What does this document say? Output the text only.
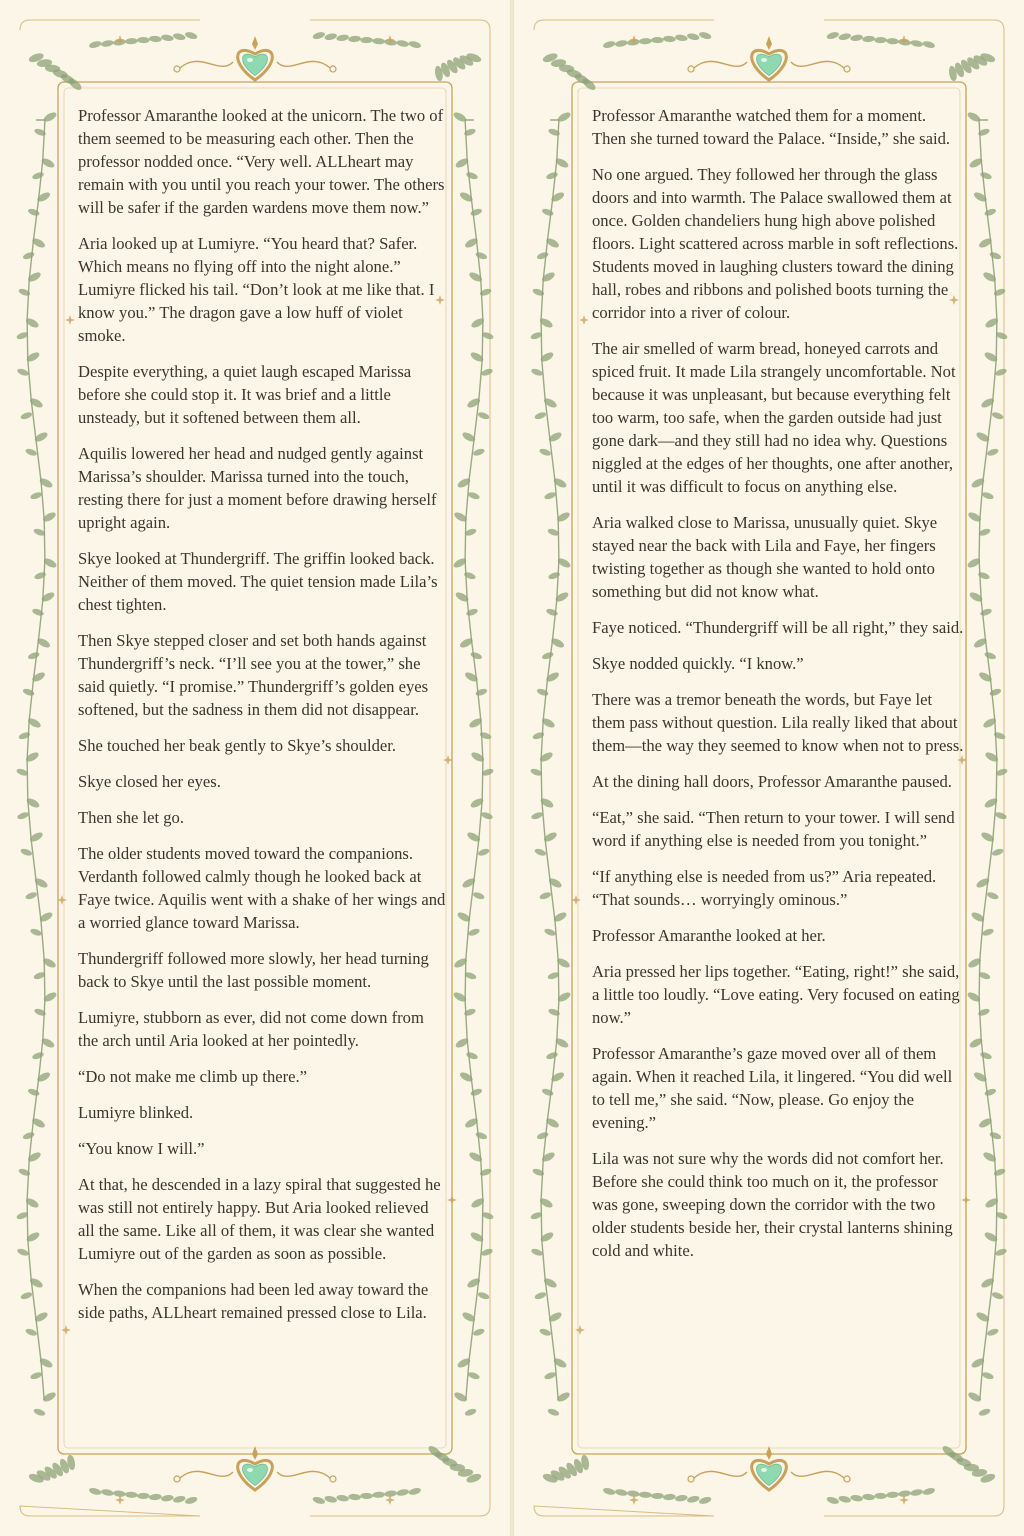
Professor Amaranthe looked at the unicorn. The two of them seemed to be measuring each other. Then the professor nodded once. “Very well. ALLheart may remain with you until you reach your tower. The others will be safer if the garden wardens move them now.”

Aria looked up at Lumiyre. “You heard that? Safer. Which means no flying off into the night alone.” Lumiyre flicked his tail. “Don’t look at me like that. I know you.” The dragon gave a low huff of violet smoke.

Despite everything, a quiet laugh escaped Marissa before she could stop it. It was brief and a little unsteady, but it softened between them all.

Aquilis lowered her head and nudged gently against Marissa’s shoulder. Marissa turned into the touch, resting there for just a moment before drawing herself upright again.

Skye looked at Thundergriff. The griffin looked back. Neither of them moved. The quiet tension made Lila’s chest tighten.

Then Skye stepped closer and set both hands against Thundergriff’s neck. “I’ll see you at the tower,” she said quietly. “I promise.” Thundergriff’s golden eyes softened, but the sadness in them did not disappear.

She touched her beak gently to Skye’s shoulder.

Skye closed her eyes.

Then she let go.

The older students moved toward the companions. Verdanth followed calmly though he looked back at Faye twice. Aquilis went with a shake of her wings and a worried glance toward Marissa.

Thundergriff followed more slowly, her head turning back to Skye until the last possible moment.

Lumiyre, stubborn as ever, did not come down from the arch until Aria looked at her pointedly.

“Do not make me climb up there.”

Lumiyre blinked.

“You know I will.”

At that, he descended in a lazy spiral that suggested he was still not entirely happy. But Aria looked relieved all the same. Like all of them, it was clear she wanted Lumiyre out of the garden as soon as possible.

When the companions had been led away toward the side paths, ALLheart remained pressed close to Lila.

Professor Amaranthe watched them for a moment. Then she turned toward the Palace. “Inside,” she said.

No one argued. They followed her through the glass doors and into warmth. The Palace swallowed them at once. Golden chandeliers hung high above polished floors. Light scattered across marble in soft reflections. Students moved in laughing clusters toward the dining hall, robes and ribbons and polished boots turning the corridor into a river of colour.

The air smelled of warm bread, honeyed carrots and spiced fruit. It made Lila strangely uncomfortable. Not because it was unpleasant, but because everything felt too warm, too safe, when the garden outside had just gone dark—and they still had no idea why. Questions niggled at the edges of her thoughts, one after another, until it was difficult to focus on anything else.

Aria walked close to Marissa, unusually quiet. Skye stayed near the back with Lila and Faye, her fingers twisting together as though she wanted to hold onto something but did not know what.

Faye noticed. “Thundergriff will be all right,” they said.

Skye nodded quickly. “I know.”

There was a tremor beneath the words, but Faye let them pass without question. Lila really liked that about them—the way they seemed to know when not to press.

At the dining hall doors, Professor Amaranthe paused.

“Eat,” she said. “Then return to your tower. I will send word if anything else is needed from you tonight.”

“If anything else is needed from us?” Aria repeated. “That sounds… worryingly ominous.”

Professor Amaranthe looked at her.

Aria pressed her lips together. “Eating, right!” she said, a little too loudly. “Love eating. Very focused on eating now.”

Professor Amaranthe’s gaze moved over all of them again. When it reached Lila, it lingered. “You did well to tell me,” she said. “Now, please. Go enjoy the evening.”

Lila was not sure why the words did not comfort her. Before she could think too much on it, the professor was gone, sweeping down the corridor with the two older students beside her, their crystal lanterns shining cold and white.
